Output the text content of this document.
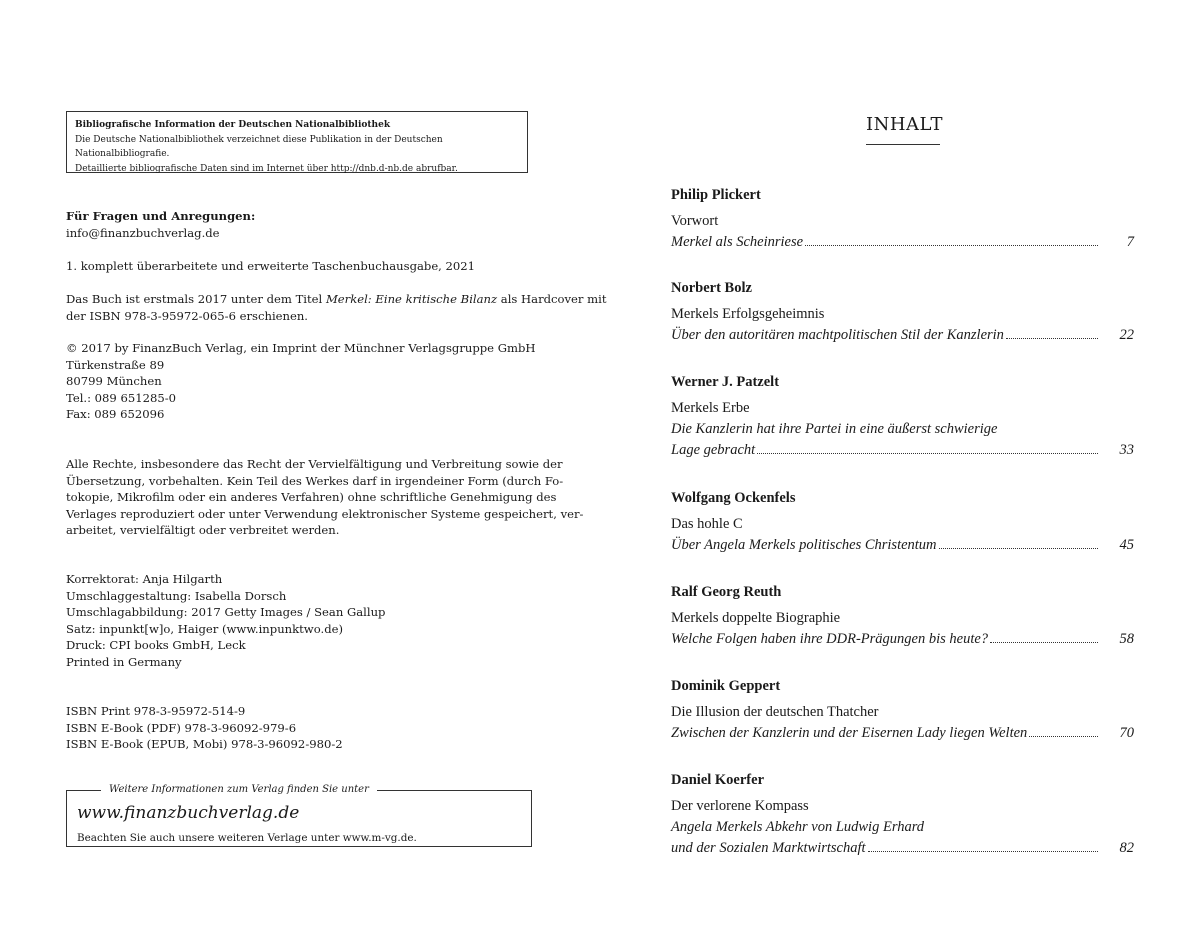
Bibliografische Information der Deutschen Nationalbibliothek
Die Deutsche Nationalbibliothek verzeichnet diese Publikation in der Deutschen Nationalbibliografie.
Detaillierte bibliografische Daten sind im Internet über http://dnb.d-nb.de abrufbar.
Für Fragen und Anregungen:
info@finanzbuchverlag.de
1. komplett überarbeitete und erweiterte Taschenbuchausgabe, 2021
Das Buch ist erstmals 2017 unter dem Titel Merkel: Eine kritische Bilanz als Hardcover mit
der ISBN 978-3-95972-065-6 erschienen.
© 2017 by FinanzBuch Verlag, ein Imprint der Münchner Verlagsgruppe GmbH
Türkenstraße 89
80799 München
Tel.: 089 651285-0
Fax: 089 652096
Alle Rechte, insbesondere das Recht der Vervielfältigung und Verbreitung sowie der
Übersetzung, vorbehalten. Kein Teil des Werkes darf in irgendeiner Form (durch Fo-
tokopie, Mikrofilm oder ein anderes Verfahren) ohne schriftliche Genehmigung des
Verlages reproduziert oder unter Verwendung elektronischer Systeme gespeichert, ver-
arbeitet, vervielfältigt oder verbreitet werden.
Korrektorat: Anja Hilgarth
Umschlaggestaltung: Isabella Dorsch
Umschlagabbildung: 2017 Getty Images / Sean Gallup
Satz: inpunkt[w]o, Haiger (www.inpunktwo.de)
Druck: CPI books GmbH, Leck
Printed in Germany
ISBN Print 978-3-95972-514-9
ISBN E-Book (PDF) 978-3-96092-979-6
ISBN E-Book (EPUB, Mobi) 978-3-96092-980-2
Weitere Informationen zum Verlag finden Sie unter
www.finanzbuchverlag.de
Beachten Sie auch unsere weiteren Verlage unter www.m-vg.de.
INHALT
Philip Plickert
Vorwort
Merkel als Scheinriese	7
Norbert Bolz
Merkels Erfolgsgeheimnis
Über den autoritären machtpolitischen Stil der Kanzlerin	22
Werner J. Patzelt
Merkels Erbe
Die Kanzlerin hat ihre Partei in eine äußerst schwierige
Lage gebracht	33
Wolfgang Ockenfels
Das hohle C
Über Angela Merkels politisches Christentum	45
Ralf Georg Reuth
Merkels doppelte Biographie
Welche Folgen haben ihre DDR-Prägungen bis heute?	58
Dominik Geppert
Die Illusion der deutschen Thatcher
Zwischen der Kanzlerin und der Eisernen Lady liegen Welten	70
Daniel Koerfer
Der verlorene Kompass
Angela Merkels Abkehr von Ludwig Erhard
und der Sozialen Marktwirtschaft	82
